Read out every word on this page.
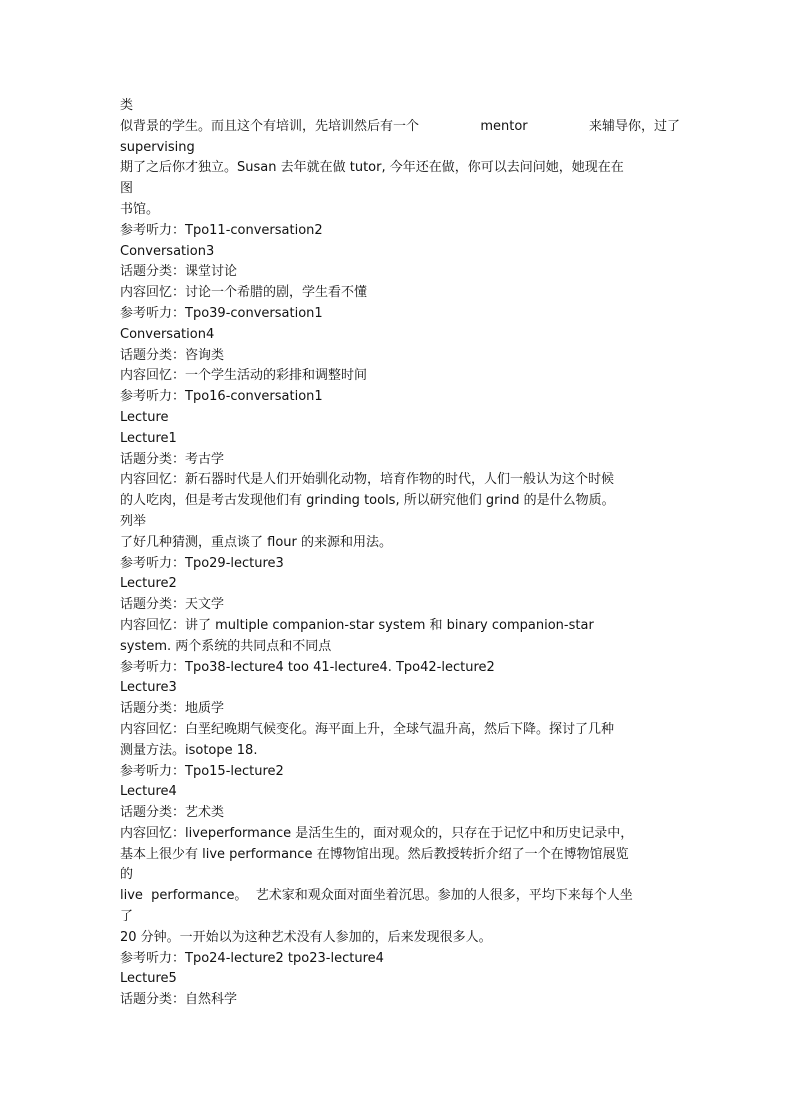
类
似背景的学生。而且这个有培训，先培训然后有一个	mentor	来辅导你，过了
supervising
期了之后你才独立。Susan 去年就在做 tutor, 今年还在做，你可以去问问她，她现在在
图
书馆。
参考听力：Tpo11-conversation2
Conversation3
话题分类：课堂讨论
内容回忆：讨论一个希腊的剧，学生看不懂
参考听力：Tpo39-conversation1
Conversation4
话题分类：咨询类
内容回忆：一个学生活动的彩排和调整时间
参考听力：Tpo16-conversation1
Lecture
Lecture1
话题分类：考古学
内容回忆：新石器时代是人们开始驯化动物，培育作物的时代，人们一般认为这个时候
的人吃肉，但是考古发现他们有 grinding tools, 所以研究他们 grind 的是什么物质。
列举
了好几种猜测，重点谈了 flour 的来源和用法。
参考听力：Tpo29-lecture3
Lecture2
话题分类：天文学
内容回忆：讲了 multiple companion-star system 和 binary companion-star
system. 两个系统的共同点和不同点
参考听力：Tpo38-lecture4 too 41-lecture4. Tpo42-lecture2
Lecture3
话题分类：地质学
内容回忆：白垩纪晚期气候变化。海平面上升，全球气温升高，然后下降。探讨了几种
测量方法。isotope 18.
参考听力：Tpo15-lecture2
Lecture4
话题分类：艺术类
内容回忆：liveperformance 是活生生的，面对观众的，只存在于记忆中和历史记录中，
基本上很少有 live performance 在博物馆出现。然后教授转折介绍了一个在博物馆展览
的
live  performance。  艺术家和观众面对面坐着沉思。参加的人很多，平均下来每个人坐
了
20 分钟。一开始以为这种艺术没有人参加的，后来发现很多人。
参考听力：Tpo24-lecture2 tpo23-lecture4
Lecture5
话题分类：自然科学
